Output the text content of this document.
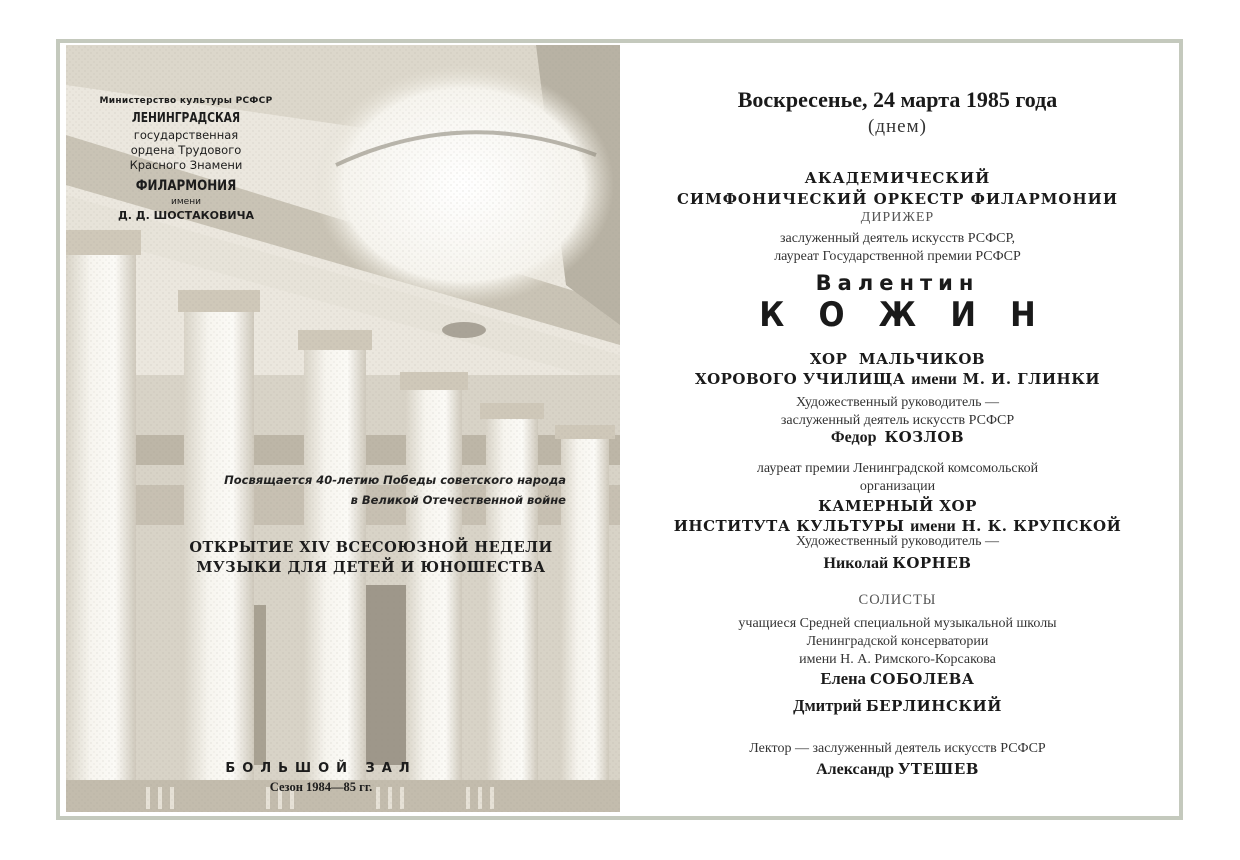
Министерство культуры РСФСР
ЛЕНИНГРАДСКАЯ
государственная
ордена Трудового
Красного Знамени
ФИЛАРМОНИЯ
имени
Д. Д. ШОСТАКОВИЧА
Посвящается 40-летию Победы советского народа
в Великой Отечественной войне
ОТКРЫТИЕ XIV ВСЕСОЮЗНОЙ НЕДЕЛИ
МУЗЫКИ ДЛЯ ДЕТЕЙ И ЮНОШЕСТВА
БОЛЬШОЙ ЗАЛ
Сезон 1984—85 гг.
Воскресенье, 24 марта 1985 года
(днем)
АКАДЕМИЧЕСКИЙ
СИМФОНИЧЕСКИЙ ОРКЕСТР ФИЛАРМОНИИ
ДИРИЖЕР
заслуженный деятель искусств РСФСР,
лауреат Государственной премии РСФСР
Валентин
КОЖИН
ХОР  МАЛЬЧИКОВ
ХОРОВОГО УЧИЛИЩА имени М. И. ГЛИНКИ
Художественный руководитель —
заслуженный деятель искусств РСФСР
Федор КОЗЛОВ
лауреат премии Ленинградской комсомольской
организации
КАМЕРНЫЙ ХОР
ИНСТИТУТА КУЛЬТУРЫ имени Н. К. КРУПСКОЙ
Художественный руководитель —
Николай КОРНЕВ
СОЛИСТЫ
учащиеся Средней специальной музыкальной школы
Ленинградской консерватории
имени Н. А. Римского-Корсакова
Елена СОБОЛЕВА
Дмитрий БЕРЛИНСКИЙ
Лектор — заслуженный деятель искусств РСФСР
Александр УТЕШЕВ
